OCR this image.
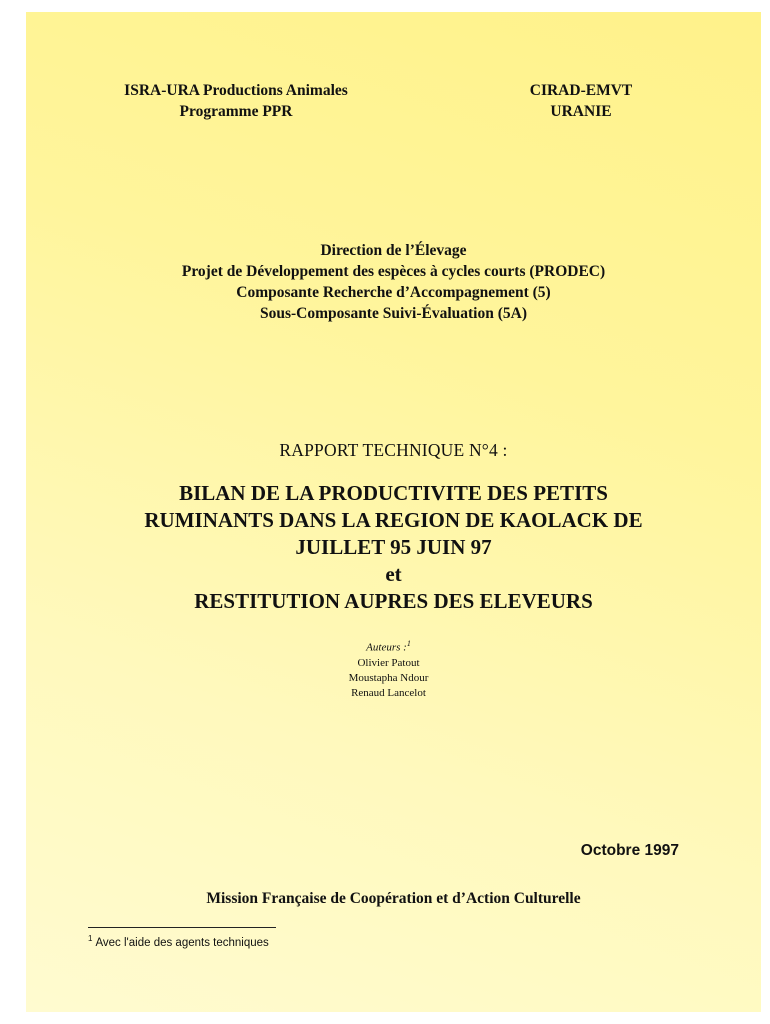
ISRA-URA Productions Animales
Programme PPR
CIRAD-EMVT
URANIE
Direction de l’Élevage
Projet de Développement des espèces à cycles courts (PRODEC)
Composante Recherche d’Accompagnement (5)
Sous-Composante Suivi-Évaluation (5A)
RAPPORT TECHNIQUE N°4 :
BILAN DE LA PRODUCTIVITE DES PETITS
RUMINANTS DANS LA REGION DE KAOLACK DE
JUILLET 95 JUIN 97
et
RESTITUTION AUPRES DES ELEVEURS
Auteurs :$^1$
Olivier Patout
Moustapha Ndour
Renaud Lancelot
Octobre 1997
Mission Française de Coopération et d’Action Culturelle
$^1$ Avec l'aide des agents techniques
